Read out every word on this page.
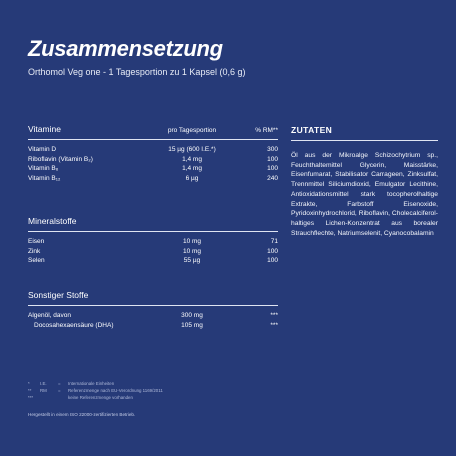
Zusammensetzung
Orthomol Veg one - 1 Tagesportion zu 1 Kapsel (0,6 g)
Vitamine	pro Tagesportion	% RM**
Vitamin D	15 µg (600 I.E.*)	300
Riboflavin (Vitamin B₂)	1,4 mg	100
Vitamin B₆	1,4 mg	100
Vitamin B₁₂	6 µg	240
Mineralstoffe
Eisen	10 mg	71
Zink	10 mg	100
Selen	55 µg	100
Sonstiger Stoffe
Algenöl, davon	300 mg	***
Docosahexaensäure (DHA)	105 mg	***
ZUTATEN
Öl aus der Mikroalge Schizochytrium sp., Feuchthaltemittel Glycerin, Maisstärke, Eisenfumarat, Stabilisator Carrageen, Zinksulfat, Trennmittel Siliciumdioxid, Emulgator Lecithine, Antioxidationsmittel stark tocopherolhaltige Extrakte, Farbstoff Eisenoxide, Pyridoxinhydrochlorid, Riboflavin, Cholecalciferol-haltiges Lichen-Konzentrat aus borealer Strauchflechte, Natriumselenit, Cyanocobalamin
*	I.E.	=	Internationale Einheiten
**	RM	=	Referenzmenge nach EU-Verordnung 1169/2011
***	keine Referenzmenge vorhanden
Hergestellt in einem ISO 22000-zertifizierten Betrieb.
